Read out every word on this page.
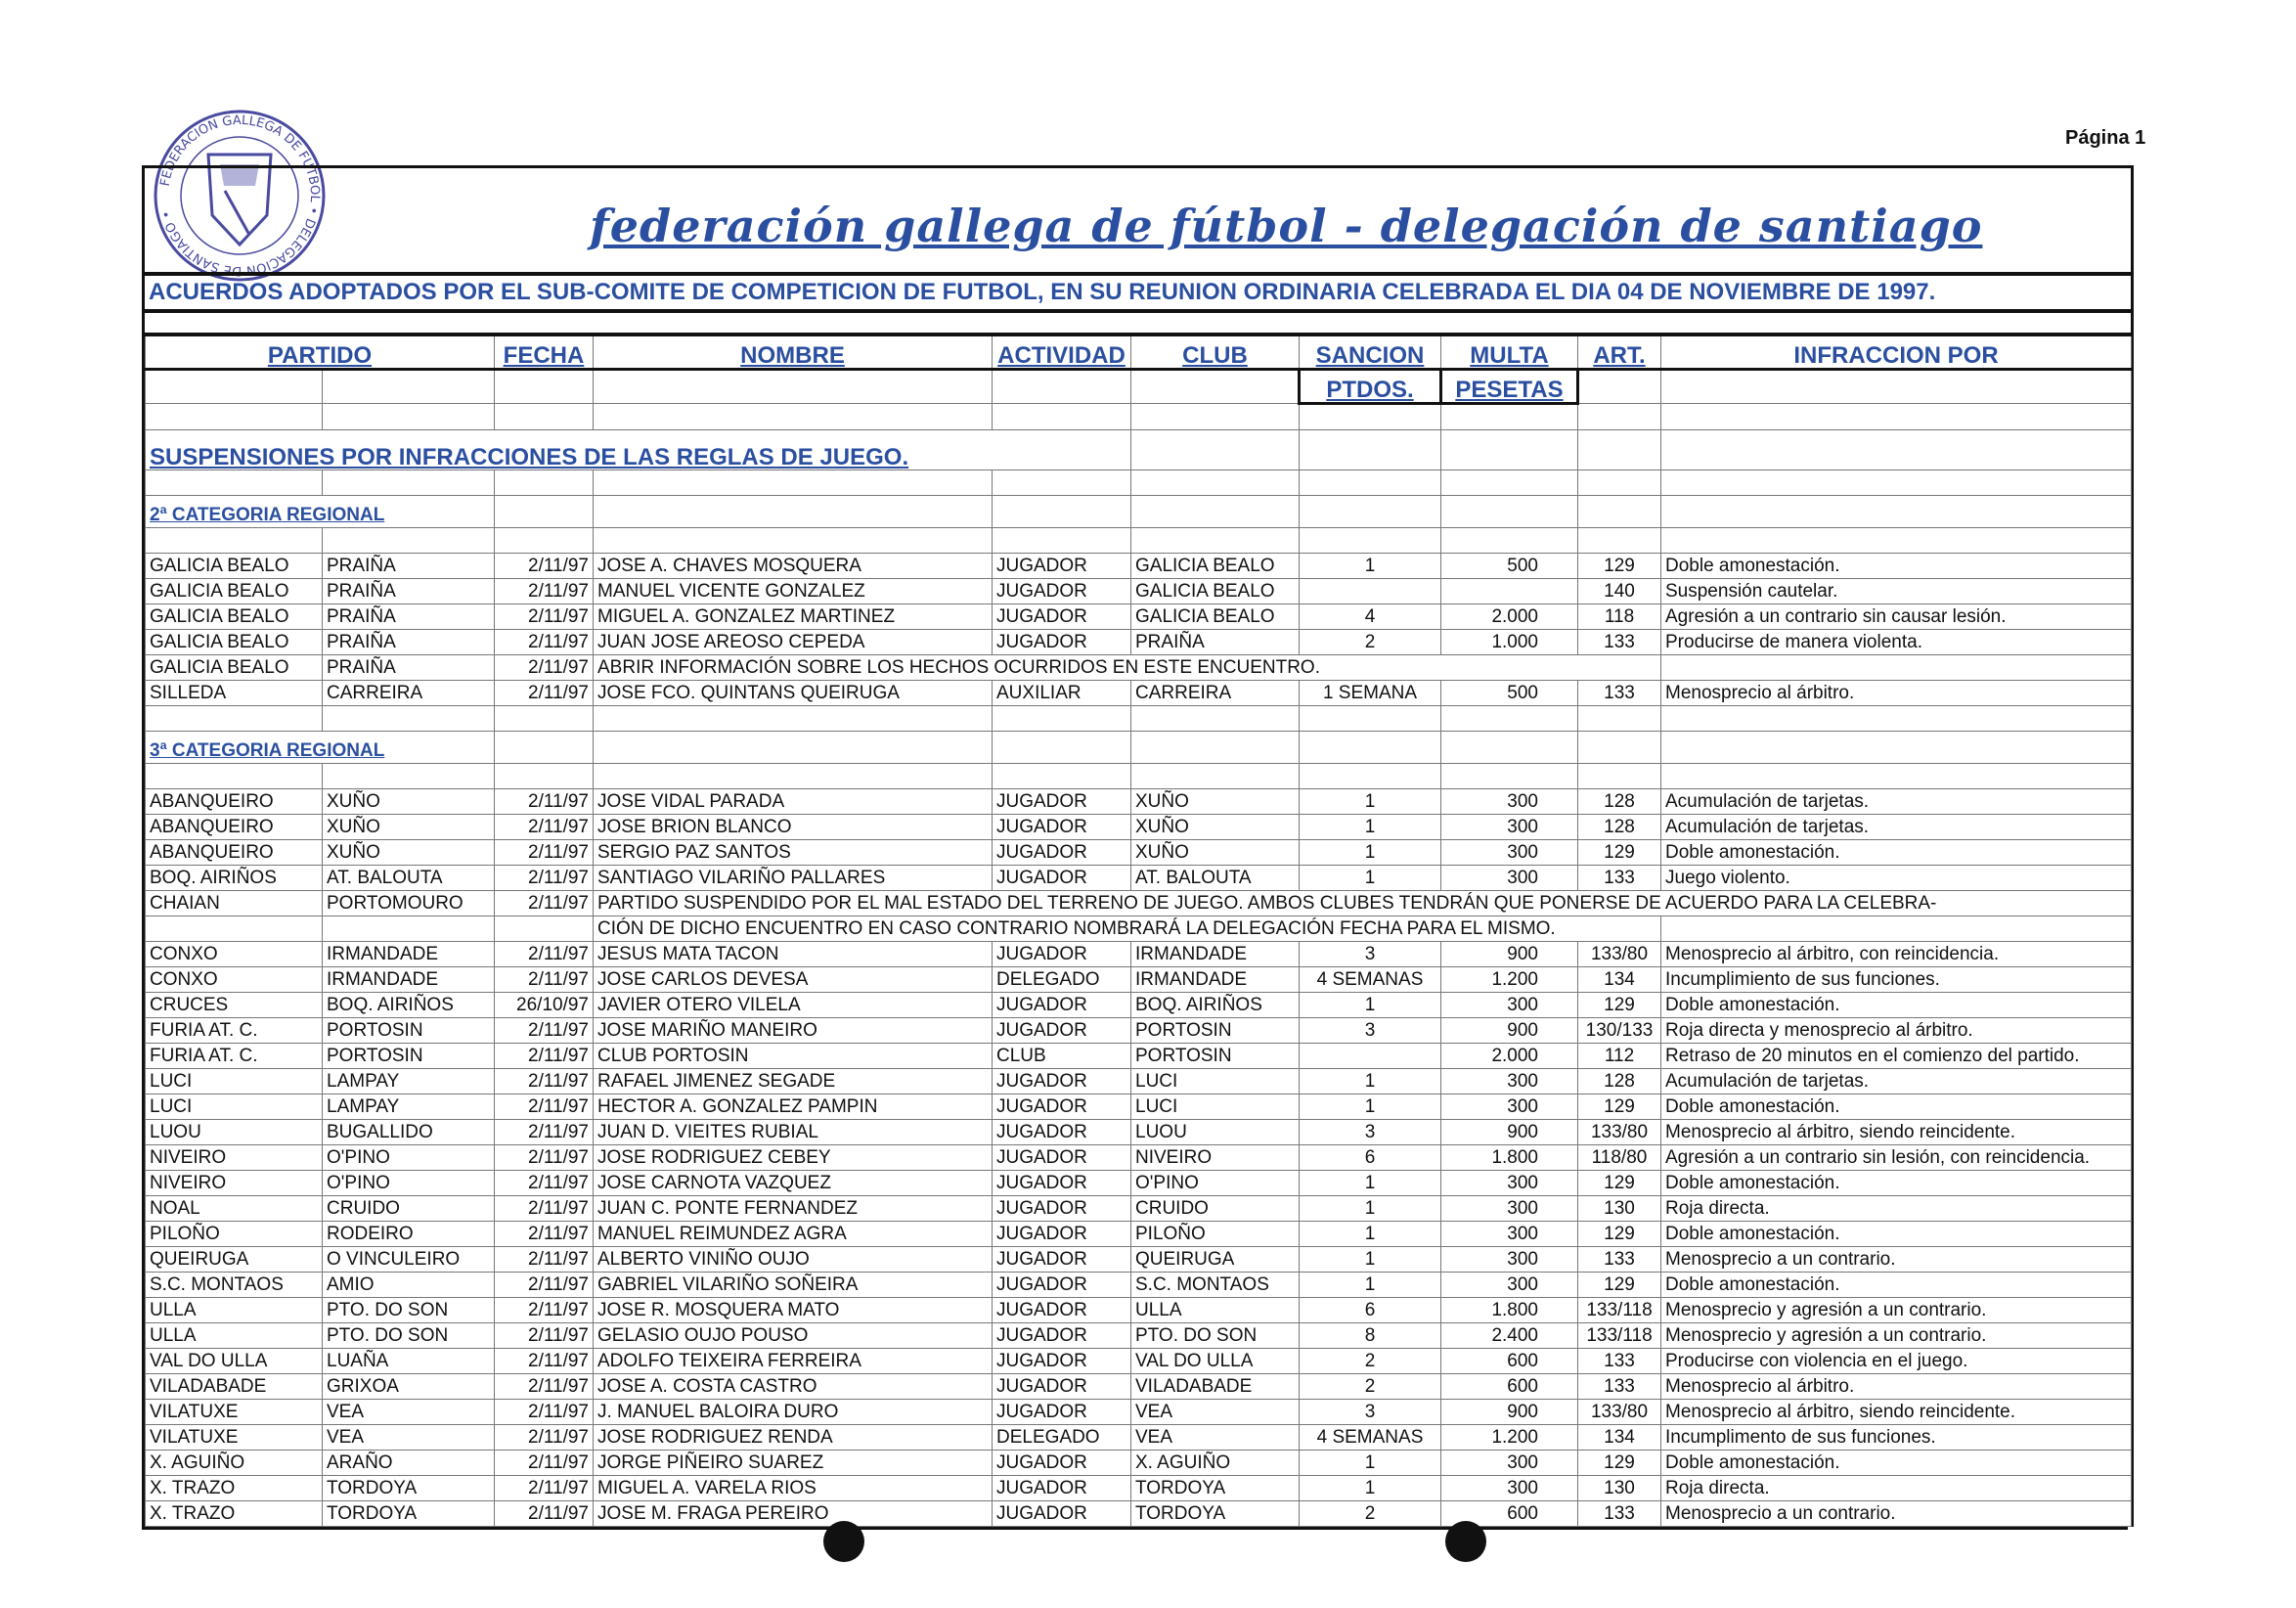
Página 1
FEDERACION GALLEGA DE FUTBOL • DELEGACION DE SANTIAGO •	federación gallega de fútbol - delegación de santiago
ACUERDOS ADOPTADOS POR EL SUB-COMITE DE COMPETICION DE FUTBOL, EN SU REUNION ORDINARIA CELEBRADA EL DIA 04 DE NOVIEMBRE DE 1997.
PARTIDO		FECHA	NOMBRE	ACTIVIDAD	CLUB	SANCION	MULTA	ART.	INFRACCION POR
						PTDOS.	PESETAS		

SUSPENSIONES POR INFRACCIONES DE LAS REGLAS DE JUEGO.									

2ª CATEGORIA REGIONAL									

GALICIA BEALO	PRAIÑA	2/11/97	JOSE A. CHAVES MOSQUERA	JUGADOR	GALICIA BEALO	1	500	129	Doble amonestación.
GALICIA BEALO	PRAIÑA	2/11/97	MANUEL VICENTE GONZALEZ	JUGADOR	GALICIA BEALO			140	Suspensión cautelar.
GALICIA BEALO	PRAIÑA	2/11/97	MIGUEL A. GONZALEZ MARTINEZ	JUGADOR	GALICIA BEALO	4	2.000	118	Agresión a un contrario sin causar lesión.
GALICIA BEALO	PRAIÑA	2/11/97	JUAN JOSE AREOSO CEPEDA	JUGADOR	PRAIÑA	2	1.000	133	Producirse de manera violenta.
GALICIA BEALO	PRAIÑA	2/11/97	ABRIR INFORMACIÓN SOBRE LOS HECHOS OCURRIDOS EN ESTE ENCUENTRO.						
SILLEDA	CARREIRA	2/11/97	JOSE FCO. QUINTANS QUEIRUGA	AUXILIAR	CARREIRA	1 SEMANA	500	133	Menosprecio al árbitro.

3ª CATEGORIA REGIONAL									

ABANQUEIRO	XUÑO	2/11/97	JOSE VIDAL PARADA	JUGADOR	XUÑO	1	300	128	Acumulación de tarjetas.
ABANQUEIRO	XUÑO	2/11/97	JOSE BRION BLANCO	JUGADOR	XUÑO	1	300	128	Acumulación de tarjetas.
ABANQUEIRO	XUÑO	2/11/97	SERGIO PAZ SANTOS	JUGADOR	XUÑO	1	300	129	Doble amonestación.
BOQ. AIRIÑOS	AT. BALOUTA	2/11/97	SANTIAGO VILARIÑO PALLARES	JUGADOR	AT. BALOUTA	1	300	133	Juego violento.
CHAIAN	PORTOMOURO	2/11/97	PARTIDO SUSPENDIDO POR EL MAL ESTADO DEL TERRENO DE JUEGO. AMBOS CLUBES TENDRÁN QUE PONERSE DE ACUERDO PARA LA CELEBRA-						
			CIÓN DE DICHO ENCUENTRO EN CASO CONTRARIO NOMBRARÁ LA DELEGACIÓN FECHA PARA EL MISMO.						
CONXO	IRMANDADE	2/11/97	JESUS MATA TACON	JUGADOR	IRMANDADE	3	900	133/80	Menosprecio al árbitro, con reincidencia.
CONXO	IRMANDADE	2/11/97	JOSE CARLOS DEVESA	DELEGADO	IRMANDADE	4 SEMANAS	1.200	134	Incumplimiento de sus funciones.
CRUCES	BOQ. AIRIÑOS	26/10/97	JAVIER OTERO VILELA	JUGADOR	BOQ. AIRIÑOS	1	300	129	Doble amonestación.
FURIA AT. C.	PORTOSIN	2/11/97	JOSE MARIÑO MANEIRO	JUGADOR	PORTOSIN	3	900	130/133	Roja directa y menosprecio al árbitro.
FURIA AT. C.	PORTOSIN	2/11/97	CLUB PORTOSIN	CLUB	PORTOSIN		2.000	112	Retraso de 20 minutos en el comienzo del partido.
LUCI	LAMPAY	2/11/97	RAFAEL JIMENEZ SEGADE	JUGADOR	LUCI	1	300	128	Acumulación de tarjetas.
LUCI	LAMPAY	2/11/97	HECTOR A. GONZALEZ PAMPIN	JUGADOR	LUCI	1	300	129	Doble amonestación.
LUOU	BUGALLIDO	2/11/97	JUAN D. VIEITES RUBIAL	JUGADOR	LUOU	3	900	133/80	Menosprecio al árbitro, siendo reincidente.
NIVEIRO	O'PINO	2/11/97	JOSE RODRIGUEZ CEBEY	JUGADOR	NIVEIRO	6	1.800	118/80	Agresión a un contrario sin lesión, con reincidencia.
NIVEIRO	O'PINO	2/11/97	JOSE CARNOTA VAZQUEZ	JUGADOR	O'PINO	1	300	129	Doble amonestación.
NOAL	CRUIDO	2/11/97	JUAN C. PONTE FERNANDEZ	JUGADOR	CRUIDO	1	300	130	Roja directa.
PILOÑO	RODEIRO	2/11/97	MANUEL REIMUNDEZ AGRA	JUGADOR	PILOÑO	1	300	129	Doble amonestación.
QUEIRUGA	O VINCULEIRO	2/11/97	ALBERTO VINIÑO OUJO	JUGADOR	QUEIRUGA	1	300	133	Menosprecio a un contrario.
S.C. MONTAOS	AMIO	2/11/97	GABRIEL VILARIÑO SOÑEIRA	JUGADOR	S.C. MONTAOS	1	300	129	Doble amonestación.
ULLA	PTO. DO SON	2/11/97	JOSE R. MOSQUERA MATO	JUGADOR	ULLA	6	1.800	133/118	Menosprecio y agresión a un contrario.
ULLA	PTO. DO SON	2/11/97	GELASIO OUJO POUSO	JUGADOR	PTO. DO SON	8	2.400	133/118	Menosprecio y agresión a un contrario.
VAL DO ULLA	LUAÑA	2/11/97	ADOLFO TEIXEIRA FERREIRA	JUGADOR	VAL DO ULLA	2	600	133	Producirse con violencia en el juego.
VILADABADE	GRIXOA	2/11/97	JOSE A. COSTA CASTRO	JUGADOR	VILADABADE	2	600	133	Menosprecio al árbitro.
VILATUXE	VEA	2/11/97	J. MANUEL BALOIRA DURO	JUGADOR	VEA	3	900	133/80	Menosprecio al árbitro, siendo reincidente.
VILATUXE	VEA	2/11/97	JOSE RODRIGUEZ RENDA	DELEGADO	VEA	4 SEMANAS	1.200	134	Incumplimento de sus funciones.
X. AGUIÑO	ARAÑO	2/11/97	JORGE PIÑEIRO SUAREZ	JUGADOR	X. AGUIÑO	1	300	129	Doble amonestación.
X. TRAZO	TORDOYA	2/11/97	MIGUEL A. VARELA RIOS	JUGADOR	TORDOYA	1	300	130	Roja directa.
X. TRAZO	TORDOYA	2/11/97	JOSE M. FRAGA PEREIRO	JUGADOR	TORDOYA	2	600	133	Menosprecio a un contrario.
